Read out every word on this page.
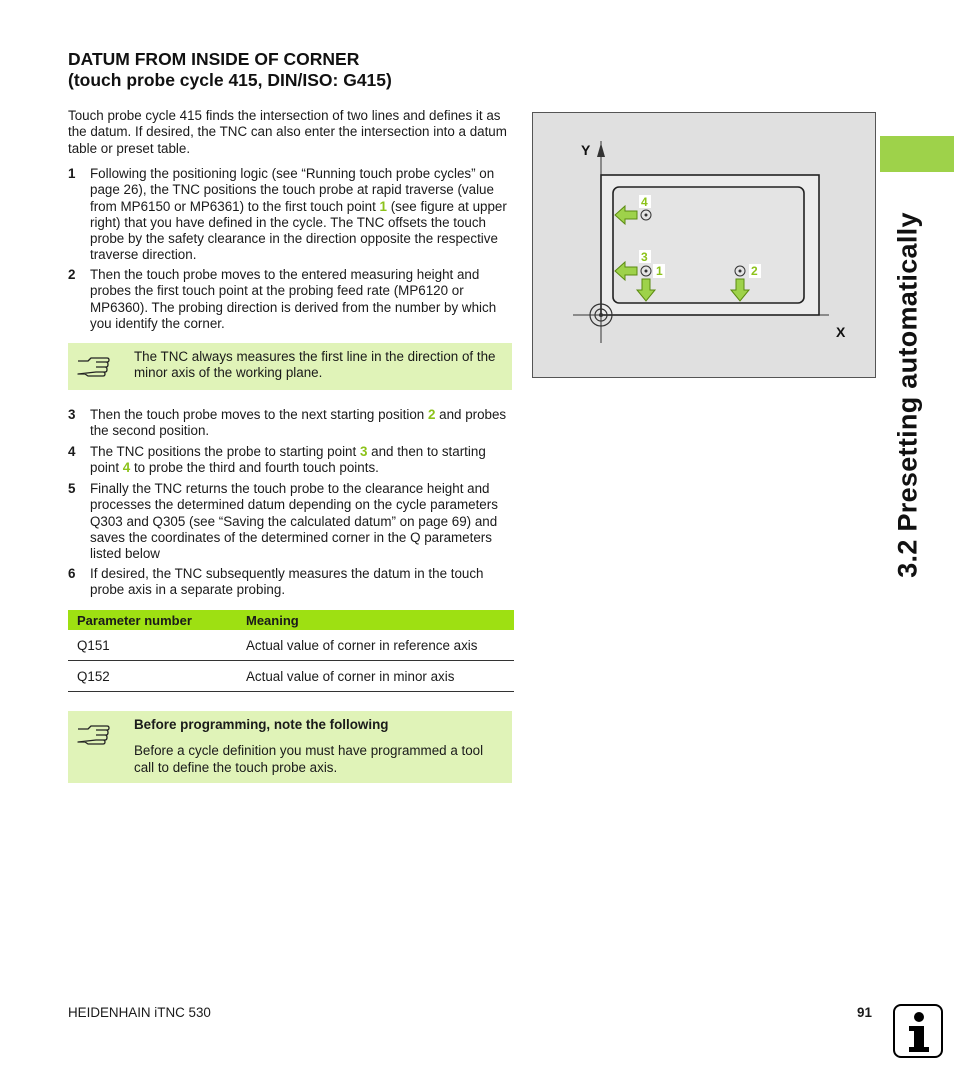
DATUM FROM INSIDE OF CORNER
(touch probe cycle 415, DIN/ISO: G415)
Touch probe cycle 415 finds the intersection of two lines and defines it as the datum. If desired, the TNC can also enter the intersection into a datum table or preset table.
1 Following the positioning logic (see “Running touch probe cycles” on page 26), the TNC positions the touch probe at rapid traverse (value from MP6150 or MP6361) to the first touch point 1 (see figure at upper right) that you have defined in the cycle. The TNC offsets the touch probe by the safety clearance in the direction opposite the respective traverse direction.
2 Then the touch probe moves to the entered measuring height and probes the first touch point at the probing feed rate (MP6120 or MP6360). The probing direction is derived from the number by which you identify the corner.
The TNC always measures the first line in the direction of the minor axis of the working plane.
3 Then the touch probe moves to the next starting position 2 and probes the second position.
4 The TNC positions the probe to starting point 3 and then to starting point 4 to probe the third and fourth touch points.
5 Finally the TNC returns the touch probe to the clearance height and processes the determined datum depending on the cycle parameters Q303 and Q305 (see “Saving the calculated datum” on page 69) and saves the coordinates of the determined corner in the Q parameters listed below
6 If desired, the TNC subsequently measures the datum in the touch probe axis in a separate probing.
Parameter number	Meaning
Q151	Actual value of corner in reference axis
Q152	Actual value of corner in minor axis
Before programming, note the following
Before a cycle definition you must have programmed a tool call to define the touch probe axis.
Y
X
4
3
1	2	3.2 Presetting automatically
HEIDENHAIN iTNC 530	91
